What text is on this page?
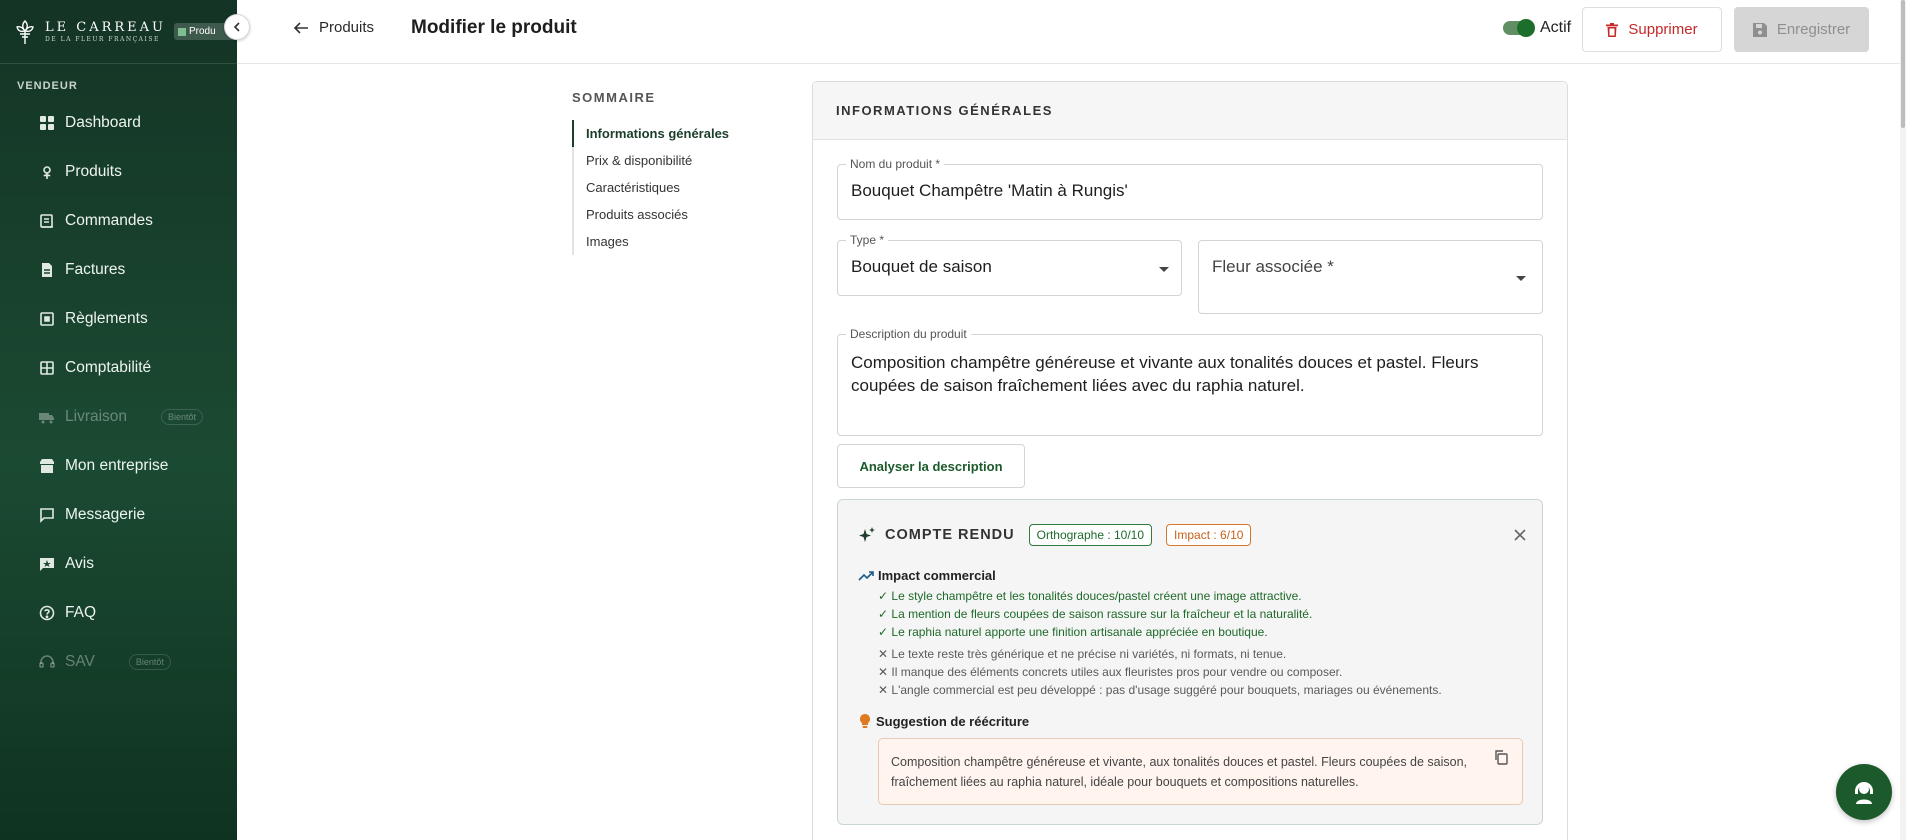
LE CARREAU
DE LA FLEUR FRANÇAISE
Produ
VENDEUR
Dashboard
Produits
Commandes
Factures
Règlements
Comptabilité
Livraison	Bientôt
Mon entreprise
Messagerie
Avis
FAQ
SAV	Bientôt
Produits Modifier le produit	Actif	Supprimer	Enregistrer
SOMMAIRE
Informations générales
Prix & disponibilité
Caractéristiques
Produits associés
Images
INFORMATIONS GÉNÉRALES
Nom du produit *
Bouquet Champêtre 'Matin à Rungis'
Type *
Bouquet de saison	Fleur associée *
Description du produit
Composition champêtre généreuse et vivante aux tonalités douces et pastel. Fleurs coupées de saison fraîchement liées avec du raphia naturel.
Analyser la description
COMPTE RENDU	Orthographe : 10/10	Impact : 6/10
Impact commercial
✓ Le style champêtre et les tonalités douces/pastel créent une image attractive.
✓ La mention de fleurs coupées de saison rassure sur la fraîcheur et la naturalité.
✓ Le raphia naturel apporte une finition artisanale appréciée en boutique.
✕ Le texte reste très générique et ne précise ni variétés, ni formats, ni tenue.
✕ Il manque des éléments concrets utiles aux fleuristes pros pour vendre ou composer.
✕ L'angle commercial est peu développé : pas d'usage suggéré pour bouquets, mariages ou événements.
Suggestion de réécriture
Composition champêtre généreuse et vivante, aux tonalités douces et pastel. Fleurs coupées de saison, fraîchement liées au raphia naturel, idéale pour bouquets et compositions naturelles.
